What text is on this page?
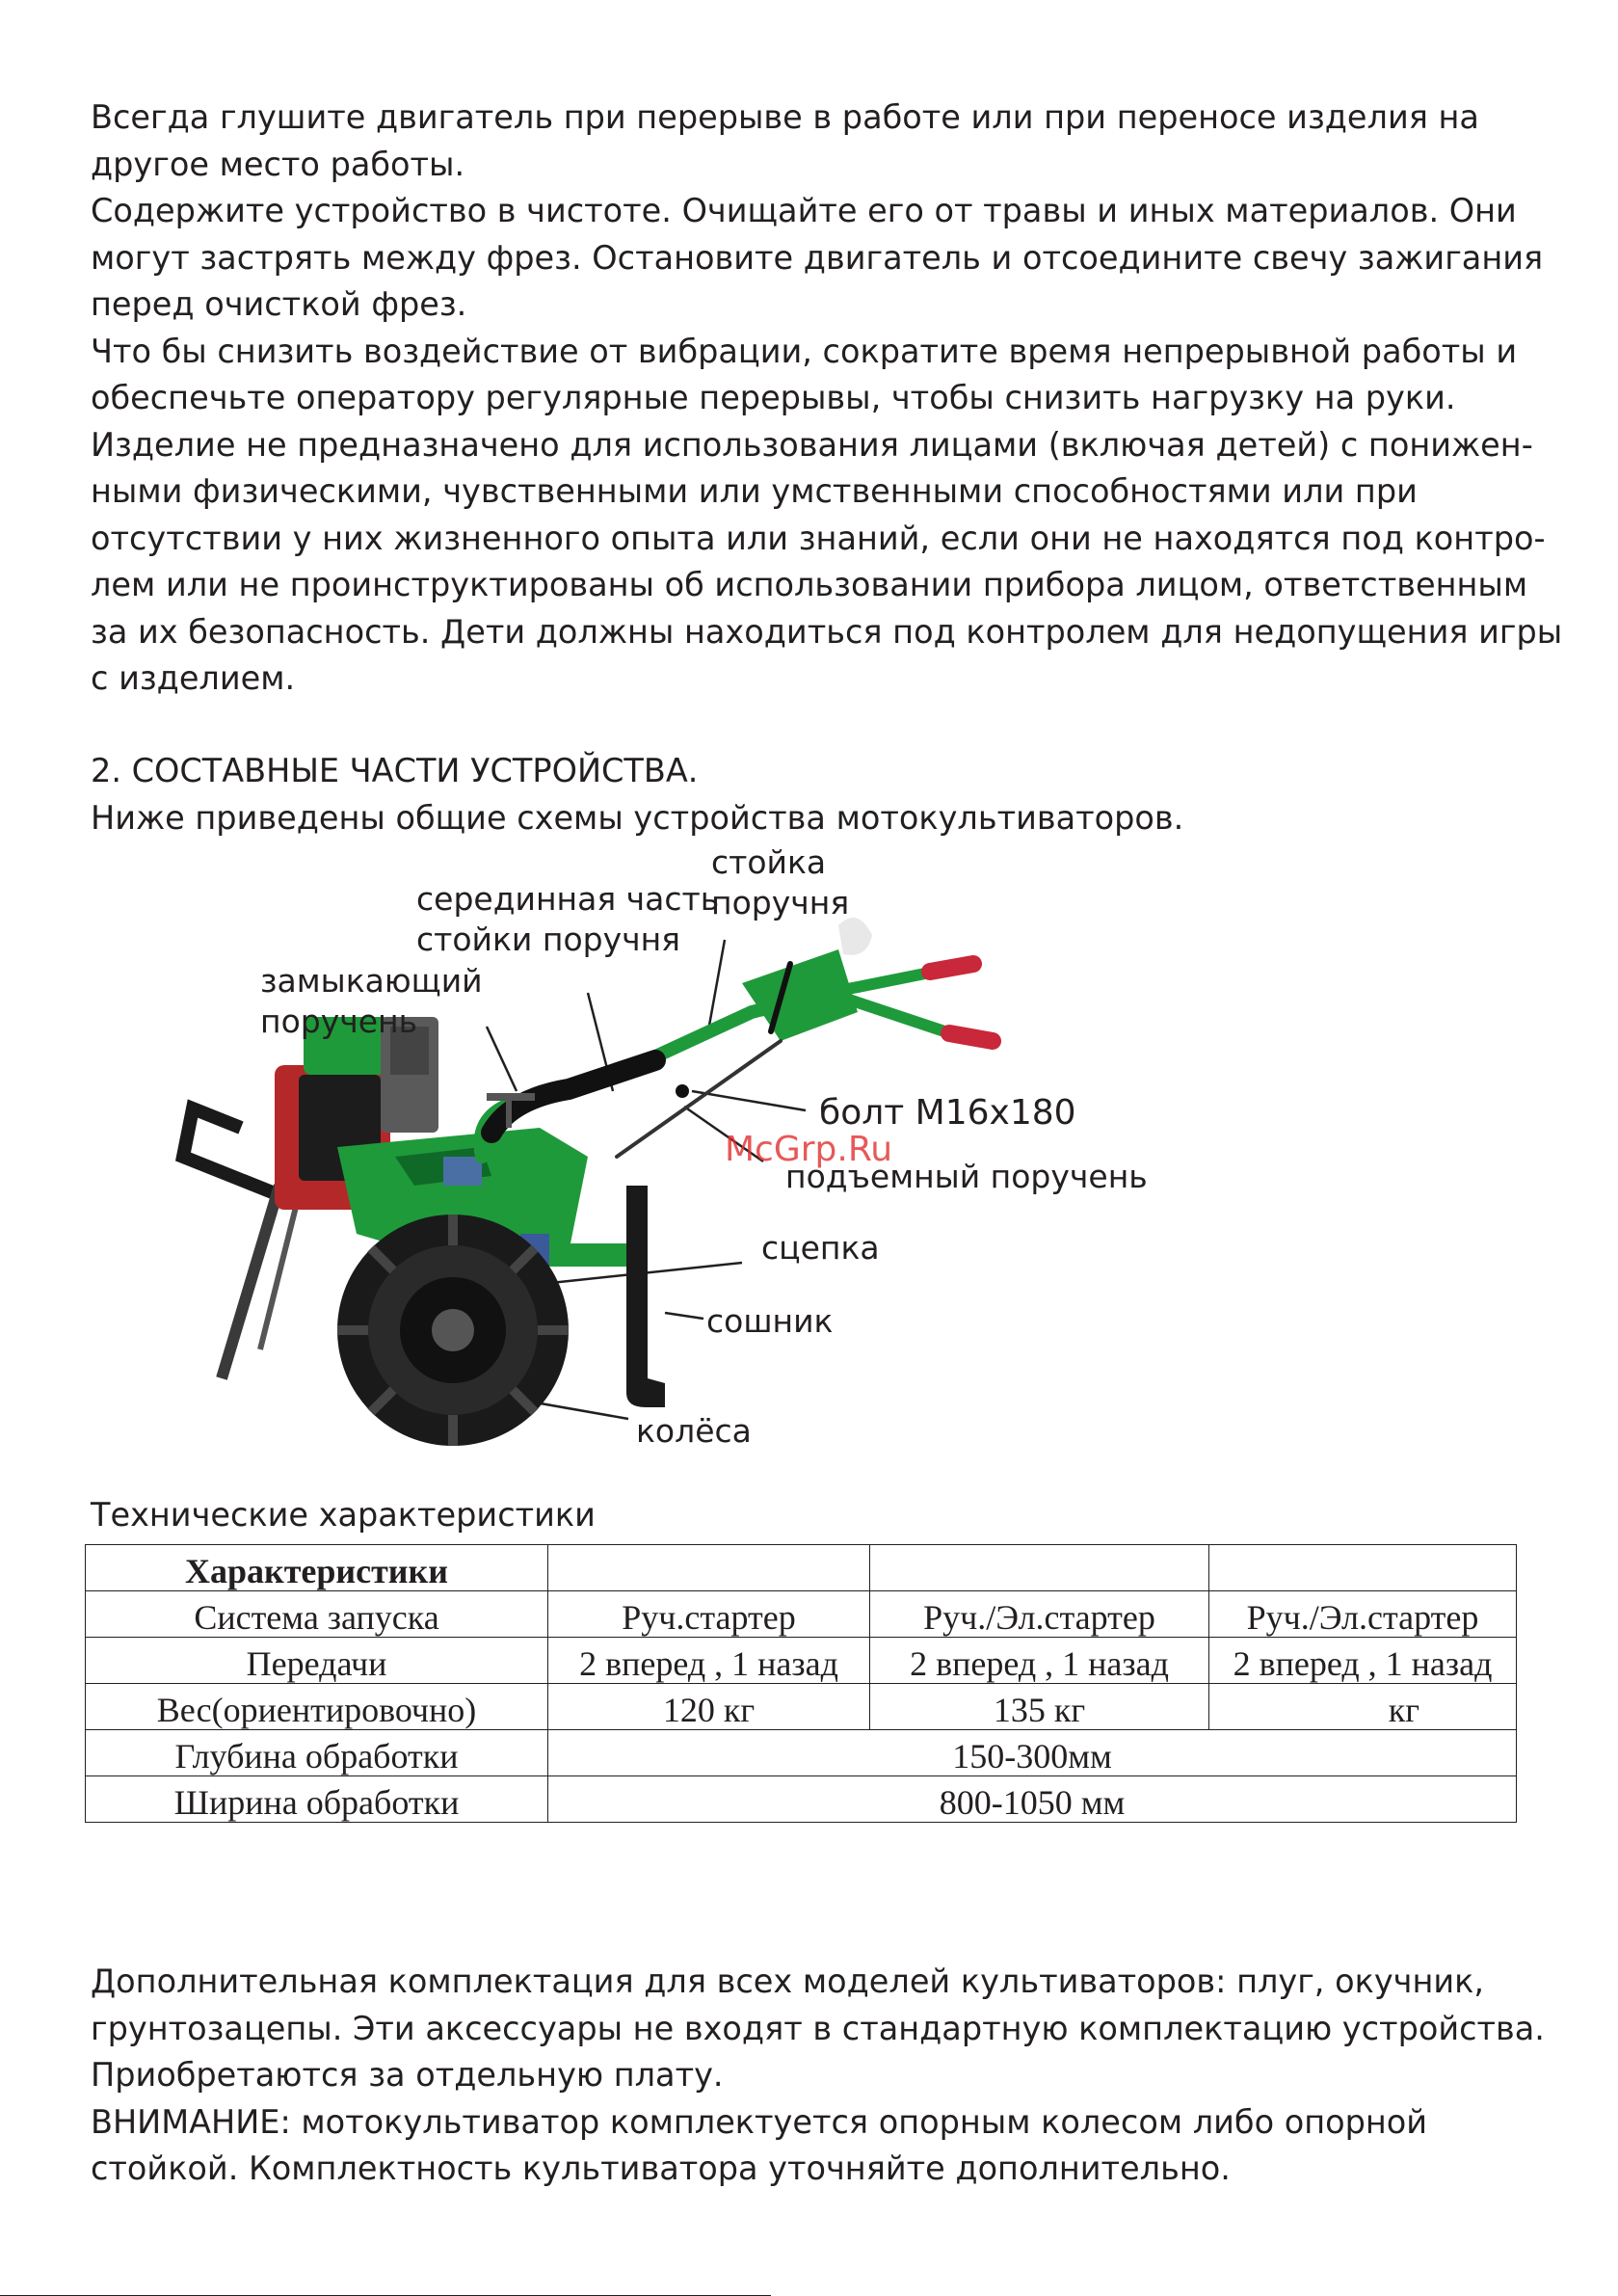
Всегда глушите двигатель при перерыве в работе или при переносе изделия на
другое место работы.
Содержите устройство в чистоте. Очищайте его от травы и иных материалов. Они
могут застрять между фрез. Остановите двигатель и отсоедините свечу зажигания
перед очисткой фрез.
Что бы снизить воздействие от вибрации, сократите время непрерывной работы и
обеспечьте оператору регулярные перерывы, чтобы снизить нагрузку на руки.
Изделие не предназначено для использования лицами (включая детей) с понижен-
ными физическими, чувственными или умственными способностями или при
отсутствии у них жизненного опыта или знаний, если они не находятся под контро-
лем или не проинструктированы об использовании прибора лицом, ответственным
за их безопасность. Дети должны находиться под контролем для недопущения игры
с изделием.
2. СОСТАВНЫЕ ЧАСТИ УСТРОЙСТВА.
Ниже приведены общие схемы устройства мотокультиваторов.
стойка
поручня
серединная часть
стойки поручня
замыкающий
поручень
болт М16х180
McGrp.Ru
подъемный поручень
сцепка
сошник
колёса
Технические характеристики
Характеристики			
Система запуска	Руч.стартер	Руч./Эл.стартер	Руч./Эл.стартер
Передачи	2 вперед , 1 назад	2 вперед , 1 назад	2 вперед , 1 назад
Вес(ориентировочно)	120 кг	135 кг	кг
Глубина обработки	150-300мм		
Ширина обработки	800-1050 мм		
Дополнительная комплектация для всех моделей культиваторов: плуг, окучник,
грунтозацепы. Эти аксессуары не входят в стандартную комплектацию устройства.
Приобретаются за отдельную плату.
ВНИМАНИЕ: мотокультиватор комплектуется опорным колесом либо опорной
стойкой. Комплектность культиватора уточняйте дополнительно.
